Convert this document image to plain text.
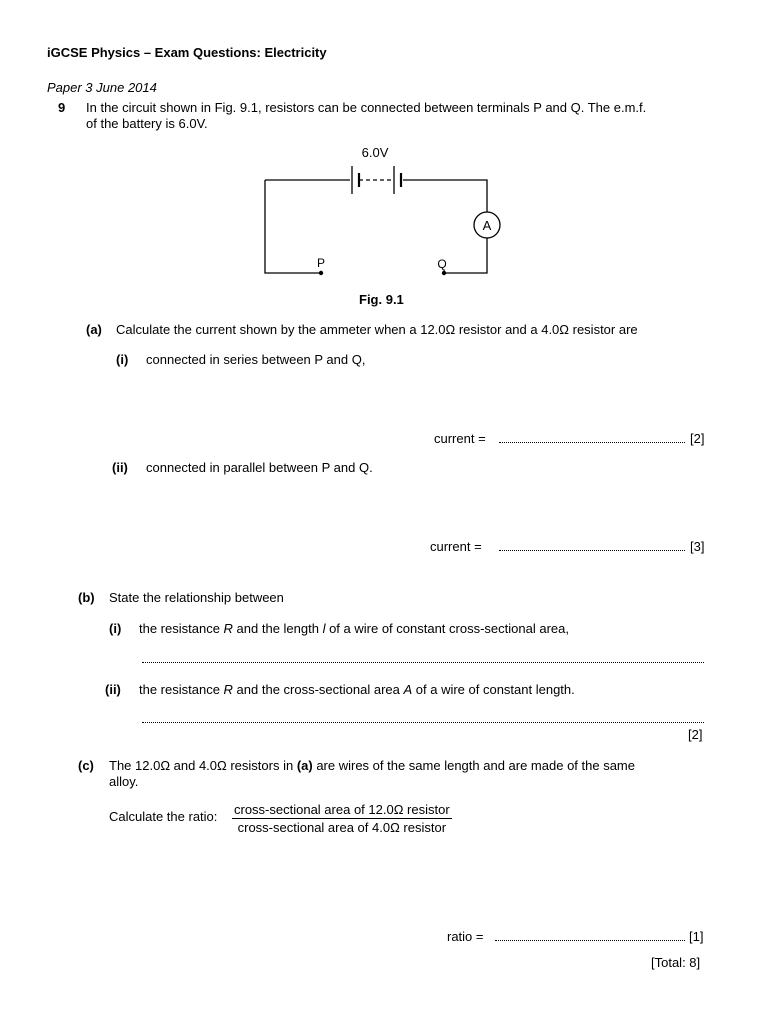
iGCSE Physics – Exam Questions: Electricity
Paper 3 June 2014
9 In the circuit shown in Fig. 9.1, resistors can be connected between terminals P and Q. The e.m.f.
of the battery is 6.0V.
A
P	Q
6.0V
Fig. 9.1
(a) Calculate the current shown by the ammeter when a 12.0Ω resistor and a 4.0Ω resistor are
(i) connected in series between P and Q,
current =	[2]
(ii) connected in parallel between P and Q.
current =	[3]
(b) State the relationship between
(i) the resistance R and the length l of a wire of constant cross-sectional area,
(ii) the resistance R and the cross-sectional area A of a wire of constant length.
[2]
(c) The 12.0Ω and 4.0Ω resistors in (a) are wires of the same length and are made of the same
alloy.
Calculate the ratio: cross-sectional area of 12.0Ω resistor
cross-sectional area of 4.0Ω resistor
ratio =	[1]
[Total: 8]
